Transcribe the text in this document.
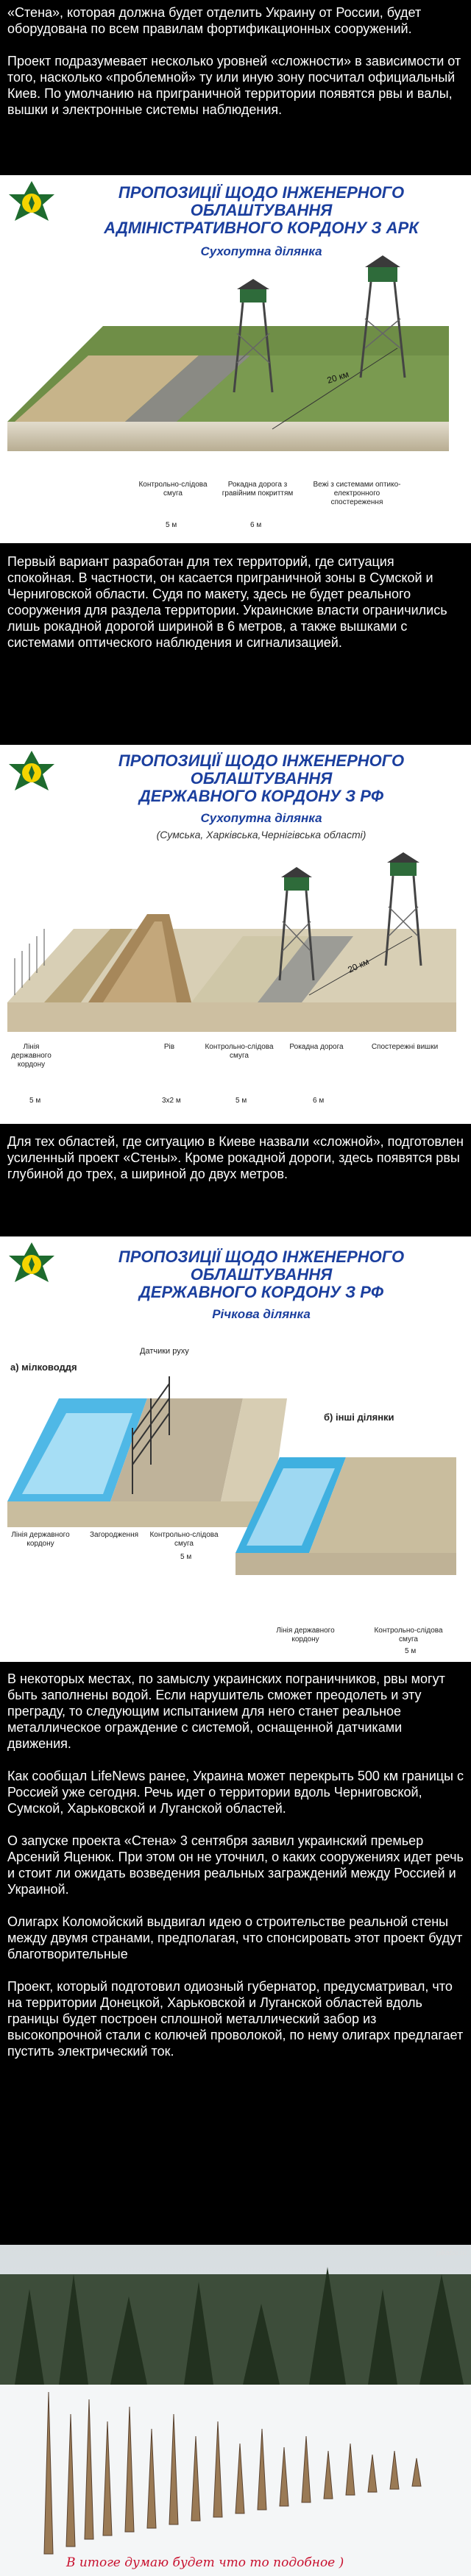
«Стена», которая должна будет отделить Украину от России, будет оборудована по всем правилам фортификационных сооружений.

Проект подразумевает несколько уровней «сложности» в зависимости от того, насколько «проблемной» ту или иную зону посчитал официальный Киев. По умолчанию на приграничной территории появятся рвы и валы, вышки и электронные системы наблюдения.

ПРОПОЗИЦІЇ ЩОДО ІНЖЕНЕРНОГО ОБЛАШТУВАННЯ
АДМІНІСТРАТИВНОГО КОРДОНУ З АРК
Сухопутна ділянка
20 км
Контрольно-слідова смуга
Рокадна дорога з гравійним покриттям
Вежі з системами оптико-електронного спостереження
5 м	6 м

Первый вариант разработан для тех территорий, где ситуация спокойная. В частности, он касается приграничной зоны в Сумской и Черниговской области. Судя по макету, здесь не будет реального сооружения для раздела территории. Украинские власти ограничились лишь рокадной дорогой шириной в 6 метров, а также вышками с системами оптического наблюдения и сигнализацией.

ПРОПОЗИЦІЇ ЩОДО ІНЖЕНЕРНОГО ОБЛАШТУВАННЯ
ДЕРЖАВНОГО КОРДОНУ З РФ
Сухопутна ділянка
(Сумська, Харківська,Чернігівська області)
20 км
Лінія державного кордону
Рів	Контрольно-слідова смуга
Рокадна дорога	Спостережні вишки
5 м	3х2 м	5 м	6 м

Для тех областей, где ситуацию в Киеве назвали «сложной», подготовлен усиленный проект «Стены». Кроме рокадной дороги, здесь появятся рвы глубиной до трех, а шириной до двух метров.

ПРОПОЗИЦІЇ ЩОДО ІНЖЕНЕРНОГО ОБЛАШТУВАННЯ
ДЕРЖАВНОГО КОРДОНУ З РФ
Річкова ділянка
Датчики руху
а) мілководдя
б) інші ділянки
Лінія державного кордону
Загородження	Контрольно-слідова смуга
5 м
Лінія державного кордону
Контрольно-слідова смуга
5 м

В некоторых местах, по замыслу украинских пограничников, рвы могут быть заполнены водой. Если нарушитель сможет преодолеть и эту преграду, то следующим испытанием для него станет реальное металлическое ограждение с системой, оснащенной датчиками движения.

Как сообщал LifeNews ранее, Украина может перекрыть 500 км границы с Россией уже сегодня. Речь идет о территории вдоль Черниговской, Сумской, Харьковской и Луганской областей.

О запуске проекта «Стена» 3 сентября заявил украинский премьер Арсений Яценюк. При этом он не уточнил, о каких сооружениях идет речь и стоит ли ожидать возведения реальных заграждений между Россией и Украиной.

Олигарх Коломойский выдвигал идею о строительстве реальной стены между двумя странами, предполагая, что спонсировать этот проект будут благотворительные

Проект, который подготовил одиозный губернатор, предусматривал, что на территории Донецкой, Харьковской и Луганской областей вдоль границы будет построен сплошной металлический забор из высокопрочной стали с колючей проволокой, по нему олигарх предлагает пустить электрический ток.

pikabu.ru
В итоге думаю будет что то подобное )
